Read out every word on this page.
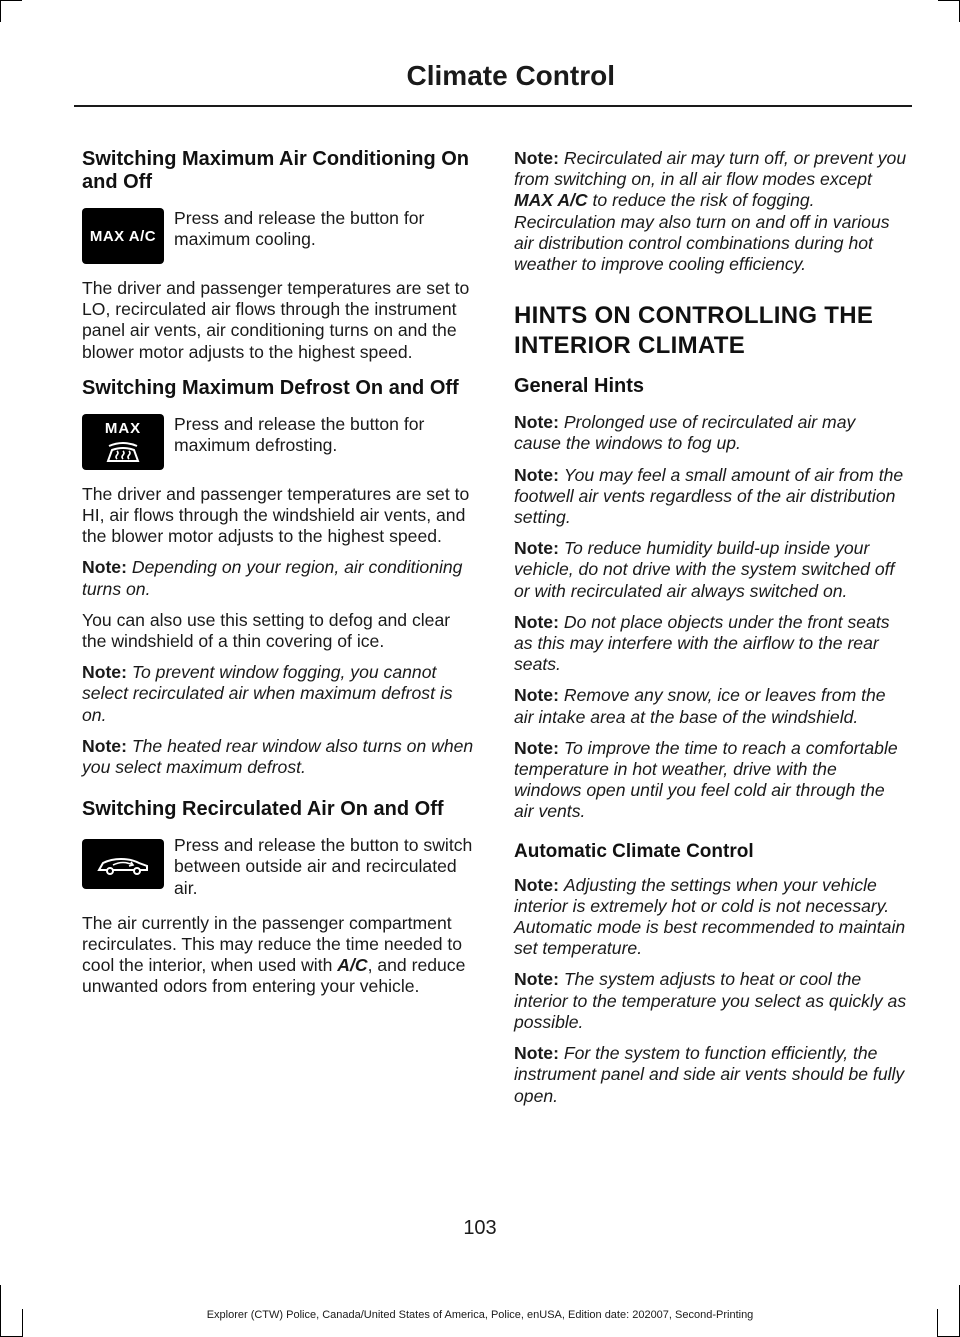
Climate Control
Switching Maximum Air Conditioning On and Off
MAX A/C

Press and release the button for maximum cooling.

The driver and passenger temperatures are set to LO, recirculated air flows through the instrument panel air vents, air conditioning turns on and the blower motor adjusts to the highest speed.

Switching Maximum Defrost On and Off
MAX Press and release the button for maximum defrosting.

The driver and passenger temperatures are set to HI, air flows through the windshield air vents, and the blower motor adjusts to the highest speed.

Note: Depending on your region, air conditioning turns on.

You can also use this setting to defog and clear the windshield of a thin covering of ice.

Note: To prevent window fogging, you cannot select recirculated air when maximum defrost is on.

Note: The heated rear window also turns on when you select maximum defrost.

Switching Recirculated Air On and Off

Press and release the button to switch between outside air and recirculated air.

The air currently in the passenger compartment recirculates. This may reduce the time needed to cool the interior, when used with A/C, and reduce unwanted odors from entering your vehicle.

Note: Recirculated air may turn off, or prevent you from switching on, in all air flow modes except MAX A/C to reduce the risk of fogging. Recirculation may also turn on and off in various air distribution control combinations during hot weather to improve cooling efficiency.

HINTS ON CONTROLLING THE INTERIOR CLIMATE
General Hints

Note: Prolonged use of recirculated air may cause the windows to fog up.

Note: You may feel a small amount of air from the footwell air vents regardless of the air distribution setting.

Note: To reduce humidity build-up inside your vehicle, do not drive with the system switched off or with recirculated air always switched on.

Note: Do not place objects under the front seats as this may interfere with the airflow to the rear seats.

Note: Remove any snow, ice or leaves from the air intake area at the base of the windshield.

Note: To improve the time to reach a comfortable temperature in hot weather, drive with the windows open until you feel cold air through the air vents.

Automatic Climate Control

Note: Adjusting the settings when your vehicle interior is extremely hot or cold is not necessary. Automatic mode is best recommended to maintain set temperature.

Note: The system adjusts to heat or cool the interior to the temperature you select as quickly as possible.

Note: For the system to function efficiently, the instrument panel and side air vents should be fully open.

103

Explorer (CTW) Police, Canada/United States of America, Police, enUSA, Edition date: 202007, Second-Printing
